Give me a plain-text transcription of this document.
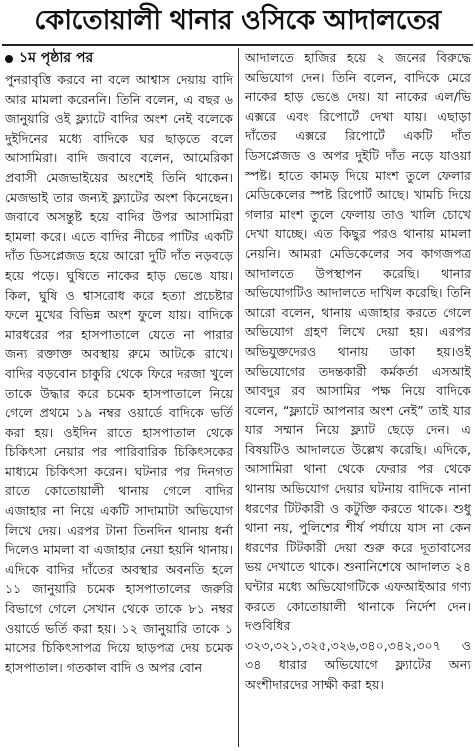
কোতোয়ালী থানার ওসিকে আদালতের
১ম পৃষ্ঠার পর

পুনরাবৃত্তি করবে না বলে আশ্বাস দেয়ায় বাদি আর মামলা করেননি। তিনি বলেন, এ বছর ৬ জানুয়ারি ওই ফ্ল্যাটে বাদির অংশ নেই বলেকে দুইদিনের মধ্যে বাদিকে ঘর ছাড়তে বলে আসামিরা। বাদি জবাবে বলেন, আমেরিকা প্রবাসী মেজভাইয়ের অংশেই তিনি থাকেন। মেজভাই তার জন্যই ফ্ল্যাটের অংশ কিনেছেন। জবাবে অসন্তুষ্ট হয়ে বাদির উপর আসামিরা হামলা করে। এতে বাদির নীচের পাটির একটি দাঁত ডিসপ্লেজড হয়ে আরো দুটি দাঁত নড়বড়ে হয়ে পড়ে। ঘুষিতে নাকের হাড় ভেঙে যায়। কিল, ঘুষি ও শ্বাসরোধ করে হত্যা প্রচেষ্টার ফলে মুখের বিভিন্ন অংশ ফুলে যায়। বাদিকে মারধরের পর হাসপাতালে যেতে না পারার জন্য রক্তাক্ত অবস্থায় রুমে আটকে রাখে। বাদির বড়বোন চাকুরি থেকে ফিরে দরজা খুলে তাকে উদ্ধার করে চমেক হাসপাতালে নিয়ে গেলে প্রথমে ১৯ নম্বর ওয়ার্ডে বাদিকে ভর্তি করা হয়। ওইদিন রাতে হাসপাতাল থেকে চিকিৎসা নেয়ার পর পারিবারিক চিকিৎসকের মাধ্যমে চিকিৎসা করেন। ঘটনার পর দিনগত রাতে কোতোয়ালী থানায় গেলে বাদির এজাহার না নিয়ে একটি সাদামাটা অভিযোগ লিখে দেয়। এরপর টানা তিনদিন থানায় ধর্না দিলেও মামলা বা এজাহার নেয়া হয়নি থানায়। এদিকে বাদির দাঁতের অবস্থার অবনতি হলে ১১ জানুয়ারি চমেক হাসপাতালের জরুরি বিভাগে গেলে সেখান থেকে তাকে ৮১ নম্বর ওয়ার্ডে ভর্তি করা হয়। ১২ জানুয়ারি তাকে ১ মাসের চিকিৎসাপত্র দিয়ে ছাড়পত্র দেয় চমেক হাসপাতাল। গতকাল বাদি ও অপর বোন

আদালতে হাজির হয়ে ২ জনের বিরুদ্ধে অভিযোগ দেন। তিনি বলেন, বাদিকে মেরে নাকের হাড় ভেঙে দেয়। যা নাকের এল/ভি এক্সরে এবং রিপোর্টে দেখা যায়। এছাড়া দাঁতের এক্সরে রিপোর্টে একটি দাঁত ডিসপ্লেজড ও অপর দুইটি দাঁত নড়ে যাওয়া স্পষ্ট। হাতে কামড় দিয়ে মাংশ তুলে ফেলার মেডিকেলের স্পষ্ট রিপোর্ট আছে। খামচি দিয়ে গলার মাংশ তুলে ফেলায় তাও খালি চোখে দেখা যাচ্ছে। এত কিছুর পরও থানায় মামলা নেয়নি। আমরা মেডিকেলের সব কাগজপত্র আদালতে উপস্থাপন করেছি। থানার অভিযোগটিও আদালতে দাখিল করেছি। তিনি আরো বলেন, থানায় এজাহার করতে গেলে অভিযোগ গ্রহণ লিখে দেয়া হয়। এরপর অভিযুক্তদেরও থানায় ডাকা হয়।ওই অভিযোগের তদন্তকারী কর্মকর্তা এসআই আবদুর রব আসামির পক্ষ নিয়ে বাদিকে বলেন, “ফ্ল্যাটে আপনার অংশ নেই” তাই যার যার সম্মান নিয়ে ফ্ল্যাট ছেড়ে দেন। এ বিষয়টিও আদালতে উল্লেখ করেছি। এদিকে, আসামিরা থানা থেকে ফেরার পর থেকে থানায় অভিযোগ দেয়ার ঘটনায় বাদিকে নানা ধরণের টিটকারী ও কটুক্তি করতে থাকে। শুধু থানা নয়, পুলিশের শীর্ষ পর্যায়ে যাস না কেন ধরণের টিটকারী দেয়া শুরু করে দূতাবাসের ভয় দেখাতে থাকে। শুনানিশেষে আদালত ২৪ ঘন্টার মধ্যে অভিযোগটিকে এফআইআর গণ্য করতে কোতোয়ালী থানাকে নির্দেশ দেন। দণ্ডবিধির ৩২৩,৩২১,৩২৫,৩২৬,৩৪০,৩৪২,৩০৭ ও ৩৪ ধারার অভিযোগে ফ্ল্যাটের অন্য অংশীদারদের সাক্ষী করা হয়।
